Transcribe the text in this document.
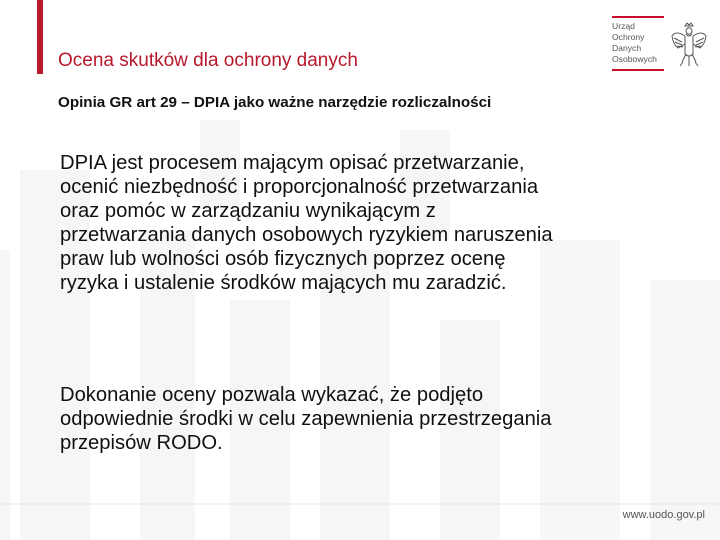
Ocena skutków dla ochrony danych
Urząd
Ochrony
Danych
Osobowych

Opinia GR art 29 – DPIA jako ważne narzędzie rozliczalności

DPIA jest procesem mającym opisać przetwarzanie,
ocenić niezbędność i proporcjonalność przetwarzania
oraz pomóc w zarządzaniu wynikającym z
przetwarzania danych osobowych ryzykiem naruszenia
praw lub wolności osób fizycznych poprzez ocenę
ryzyka i ustalenie środków mających mu zaradzić.

Dokonanie oceny pozwala wykazać, że podjęto
odpowiednie środki w celu zapewnienia przestrzegania
przepisów RODO.

www.uodo.gov.pl
